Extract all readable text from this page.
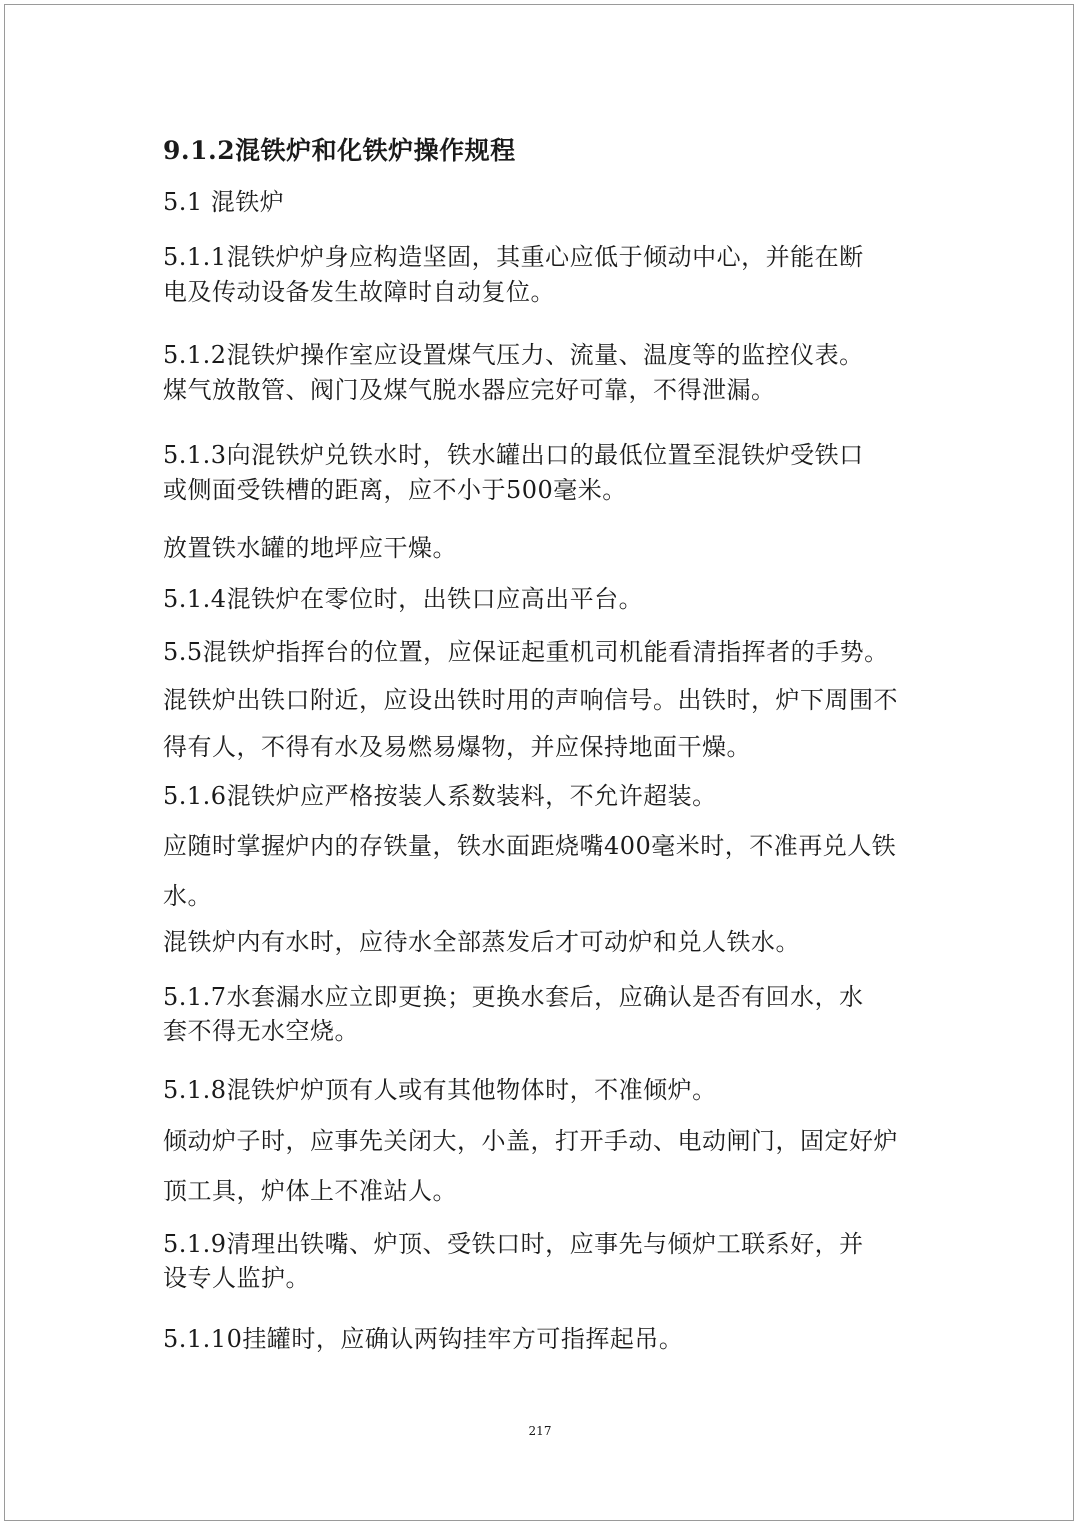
9.1.2混铁炉和化铁炉操作规程
5.1 混铁炉
5.1.1混铁炉炉身应构造坚固，其重心应低于倾动中心，并能在断
电及传动设备发生故障时自动复位。
5.1.2混铁炉操作室应设置煤气压力、流量、温度等的监控仪表。
煤气放散管、阀门及煤气脱水器应完好可靠，不得泄漏。
5.1.3向混铁炉兑铁水时，铁水罐出口的最低位置至混铁炉受铁口
或侧面受铁槽的距离，应不小于500毫米。
放置铁水罐的地坪应干燥。
5.1.4混铁炉在零位时，出铁口应高出平台。
5.5混铁炉指挥台的位置，应保证起重机司机能看清指挥者的手势。
混铁炉出铁口附近，应设出铁时用的声响信号。出铁时，炉下周围不
得有人，不得有水及易燃易爆物，并应保持地面干燥。
5.1.6混铁炉应严格按装人系数装料，不允许超装。
应随时掌握炉内的存铁量，铁水面距烧嘴400毫米时，不准再兑人铁
水。
混铁炉内有水时，应待水全部蒸发后才可动炉和兑人铁水。
5.1.7水套漏水应立即更换；更换水套后，应确认是否有回水，水
套不得无水空烧。
5.1.8混铁炉炉顶有人或有其他物体时，不准倾炉。
倾动炉子时，应事先关闭大，小盖，打开手动、电动闸门，固定好炉
顶工具，炉体上不准站人。
5.1.9清理出铁嘴、炉顶、受铁口时，应事先与倾炉工联系好，并
设专人监护。
5.1.10挂罐时，应确认两钩挂牢方可指挥起吊。
217
